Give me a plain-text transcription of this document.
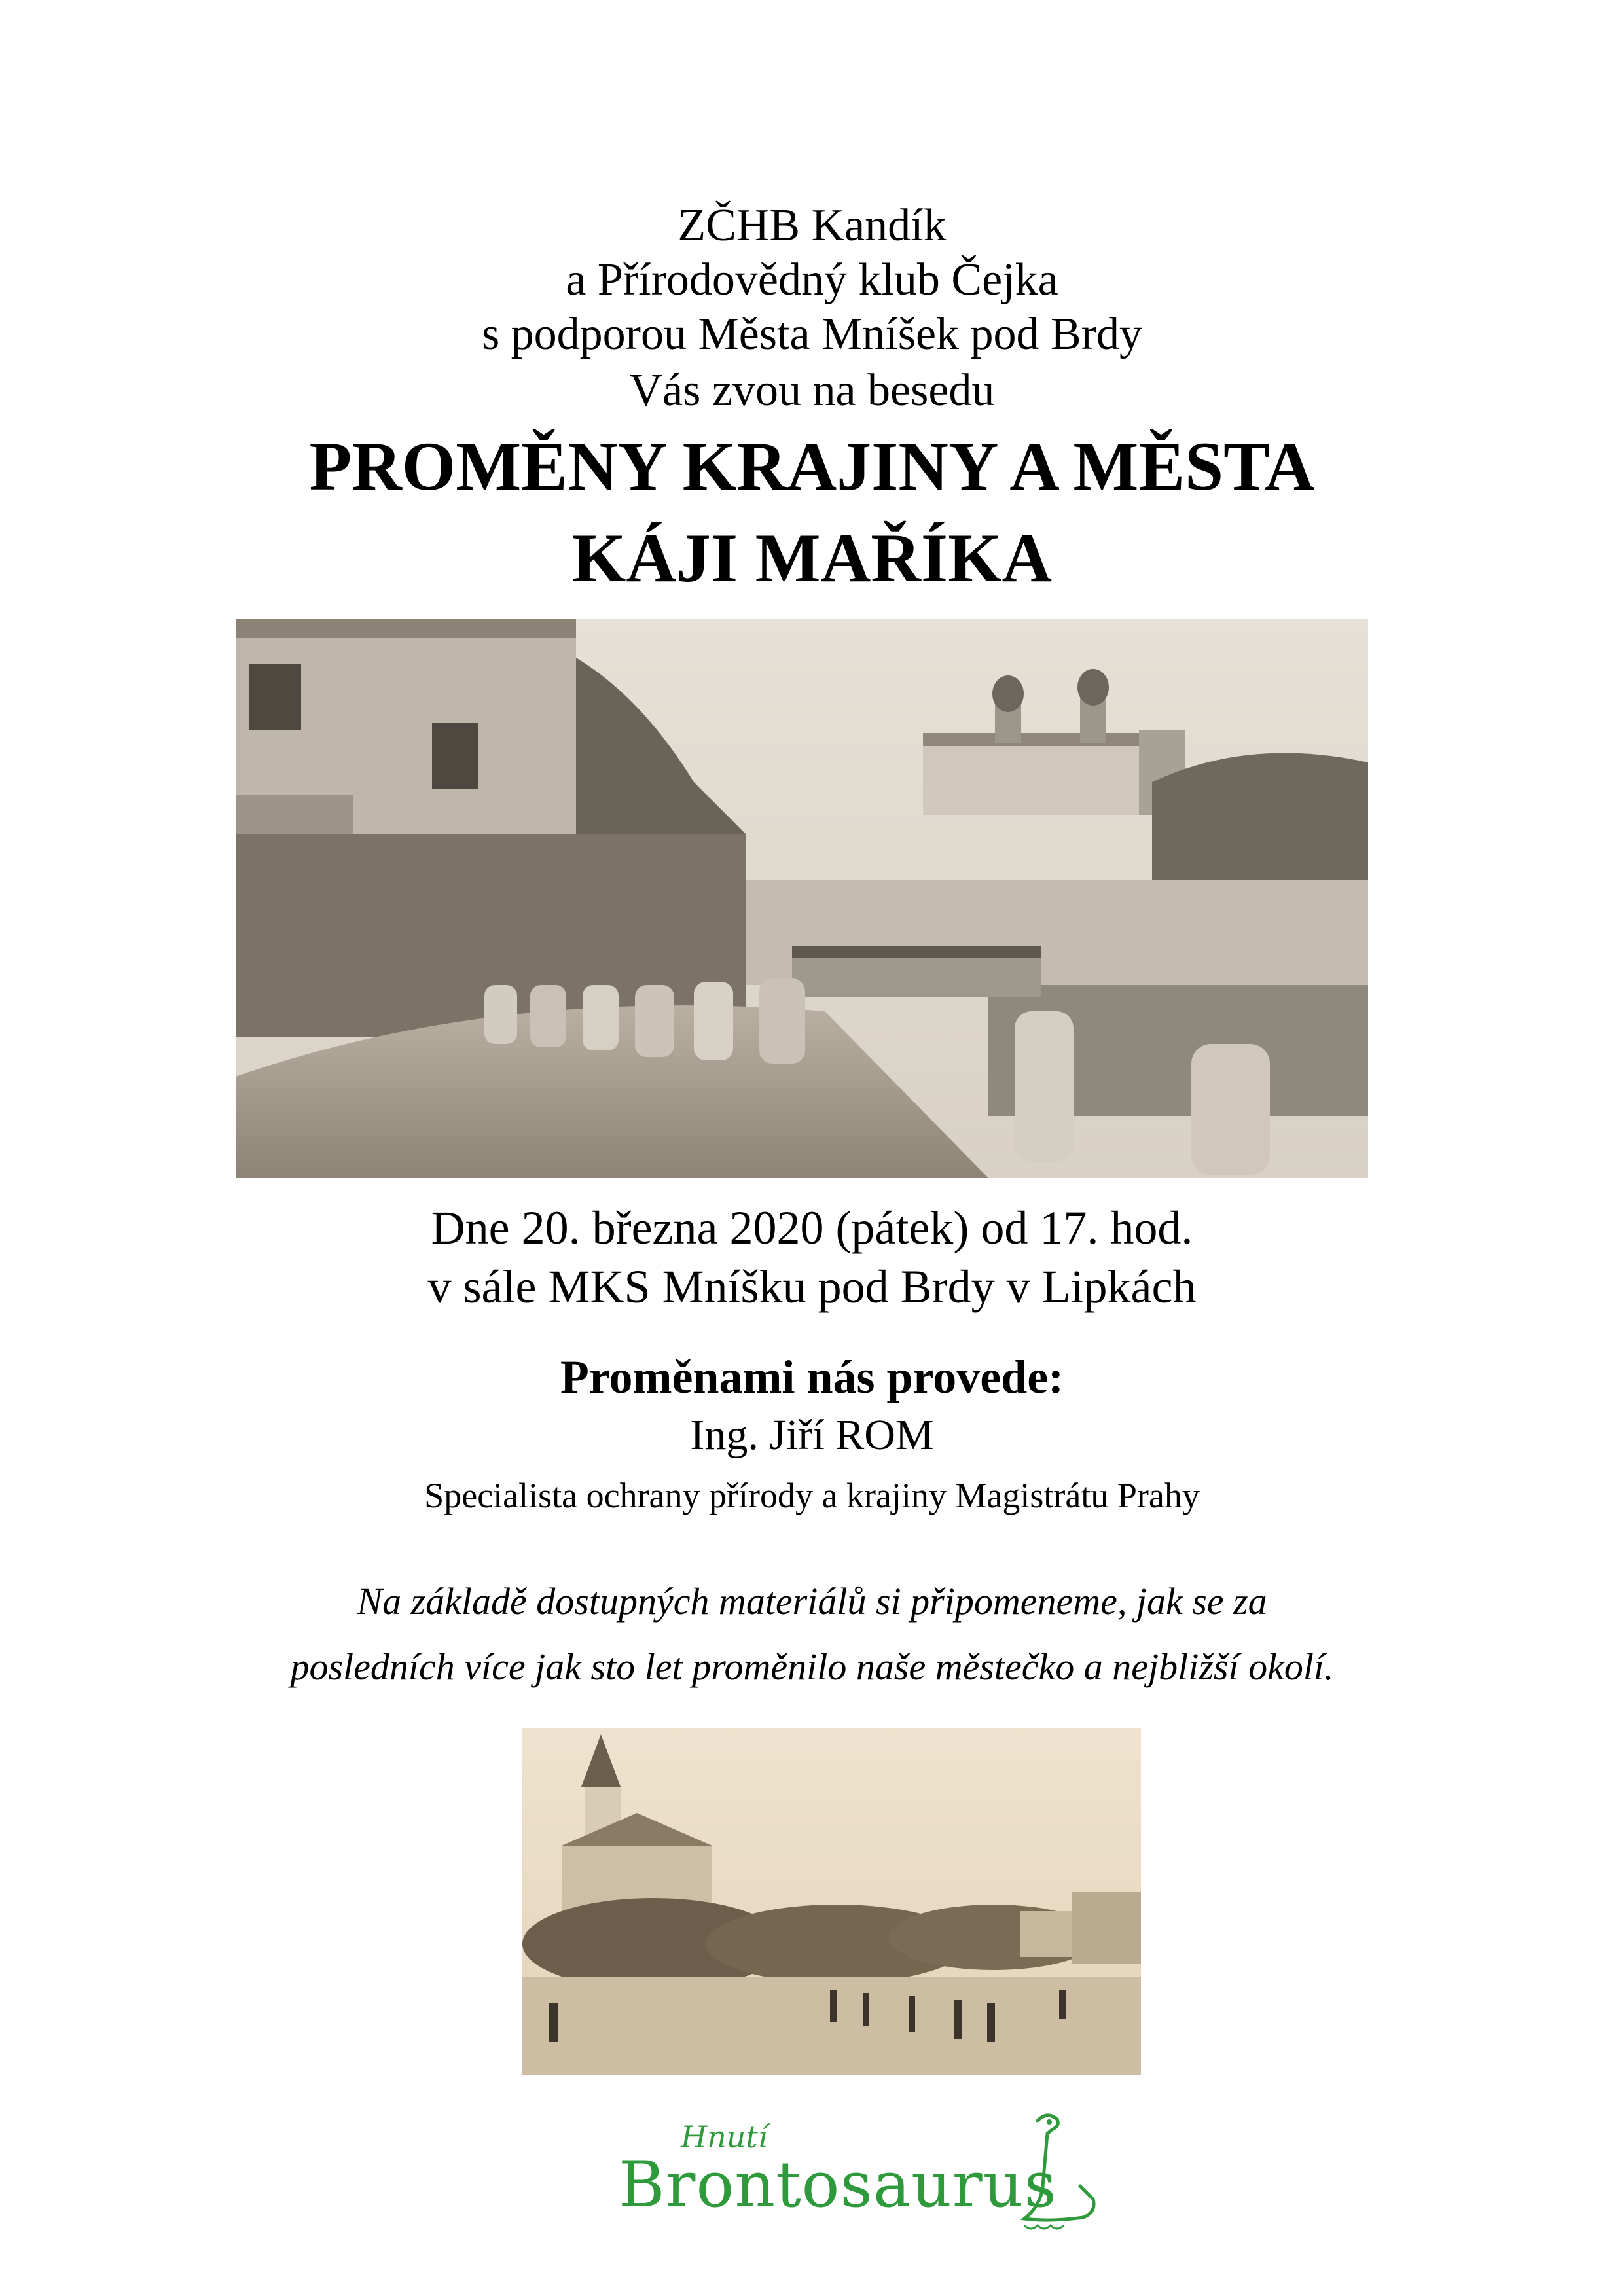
ZČHB Kandík
a Přírodovědný klub Čejka
s podporou Města Mníšek pod Brdy
Vás zvou na besedu
PROMĚNY KRAJINY A MĚSTA
KÁJI MAŘÍKA
Dne 20. března 2020 (pátek) od 17. hod.
v sále MKS Mníšku pod Brdy v Lipkách
Proměnami nás provede:
Ing. Jiří ROM
Specialista ochrany přírody a krajiny Magistrátu Prahy
Na základě dostupných materiálů si připomeneme, jak se za
posledních více jak sto let proměnilo naše městečko a nejbližší okolí.
Hnutí
Brontosaurus
